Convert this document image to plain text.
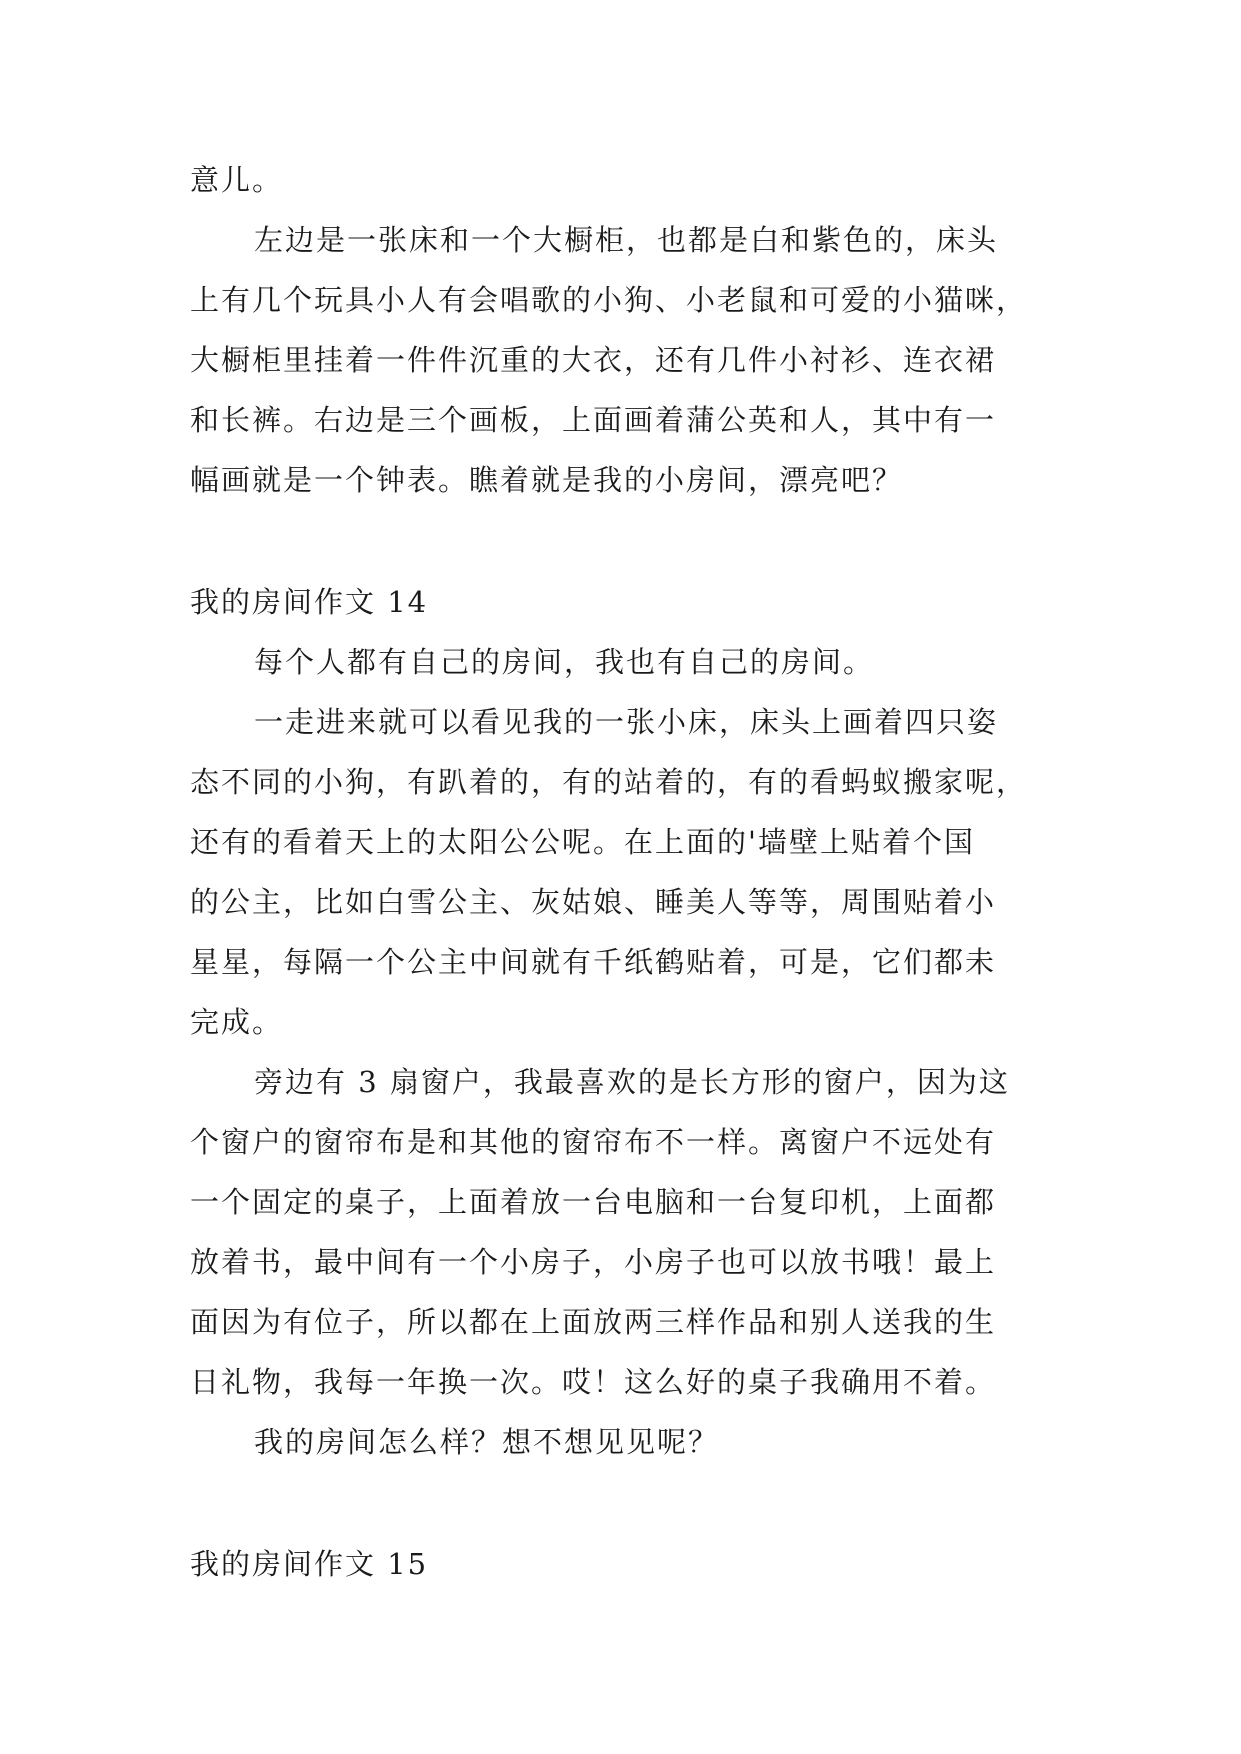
意儿。
左边是一张床和一个大橱柜，也都是白和紫色的，床头
上有几个玩具小人有会唱歌的小狗、小老鼠和可爱的小猫咪，
大橱柜里挂着一件件沉重的大衣，还有几件小衬衫、连衣裙
和长裤。右边是三个画板，上面画着蒲公英和人，其中有一
幅画就是一个钟表。瞧着就是我的小房间，漂亮吧？
我的房间作文 14
每个人都有自己的房间，我也有自己的房间。
一走进来就可以看见我的一张小床，床头上画着四只姿
态不同的小狗，有趴着的，有的站着的，有的看蚂蚁搬家呢，
还有的看着天上的太阳公公呢。在上面的'墙壁上贴着个国
的公主，比如白雪公主、灰姑娘、睡美人等等，周围贴着小
星星，每隔一个公主中间就有千纸鹤贴着，可是，它们都未
完成。
旁边有 3 扇窗户，我最喜欢的是长方形的窗户，因为这
个窗户的窗帘布是和其他的窗帘布不一样。离窗户不远处有
一个固定的桌子，上面着放一台电脑和一台复印机，上面都
放着书，最中间有一个小房子，小房子也可以放书哦！最上
面因为有位子，所以都在上面放两三样作品和别人送我的生
日礼物，我每一年换一次。哎！这么好的桌子我确用不着。
我的房间怎么样？想不想见见呢？
我的房间作文 15
